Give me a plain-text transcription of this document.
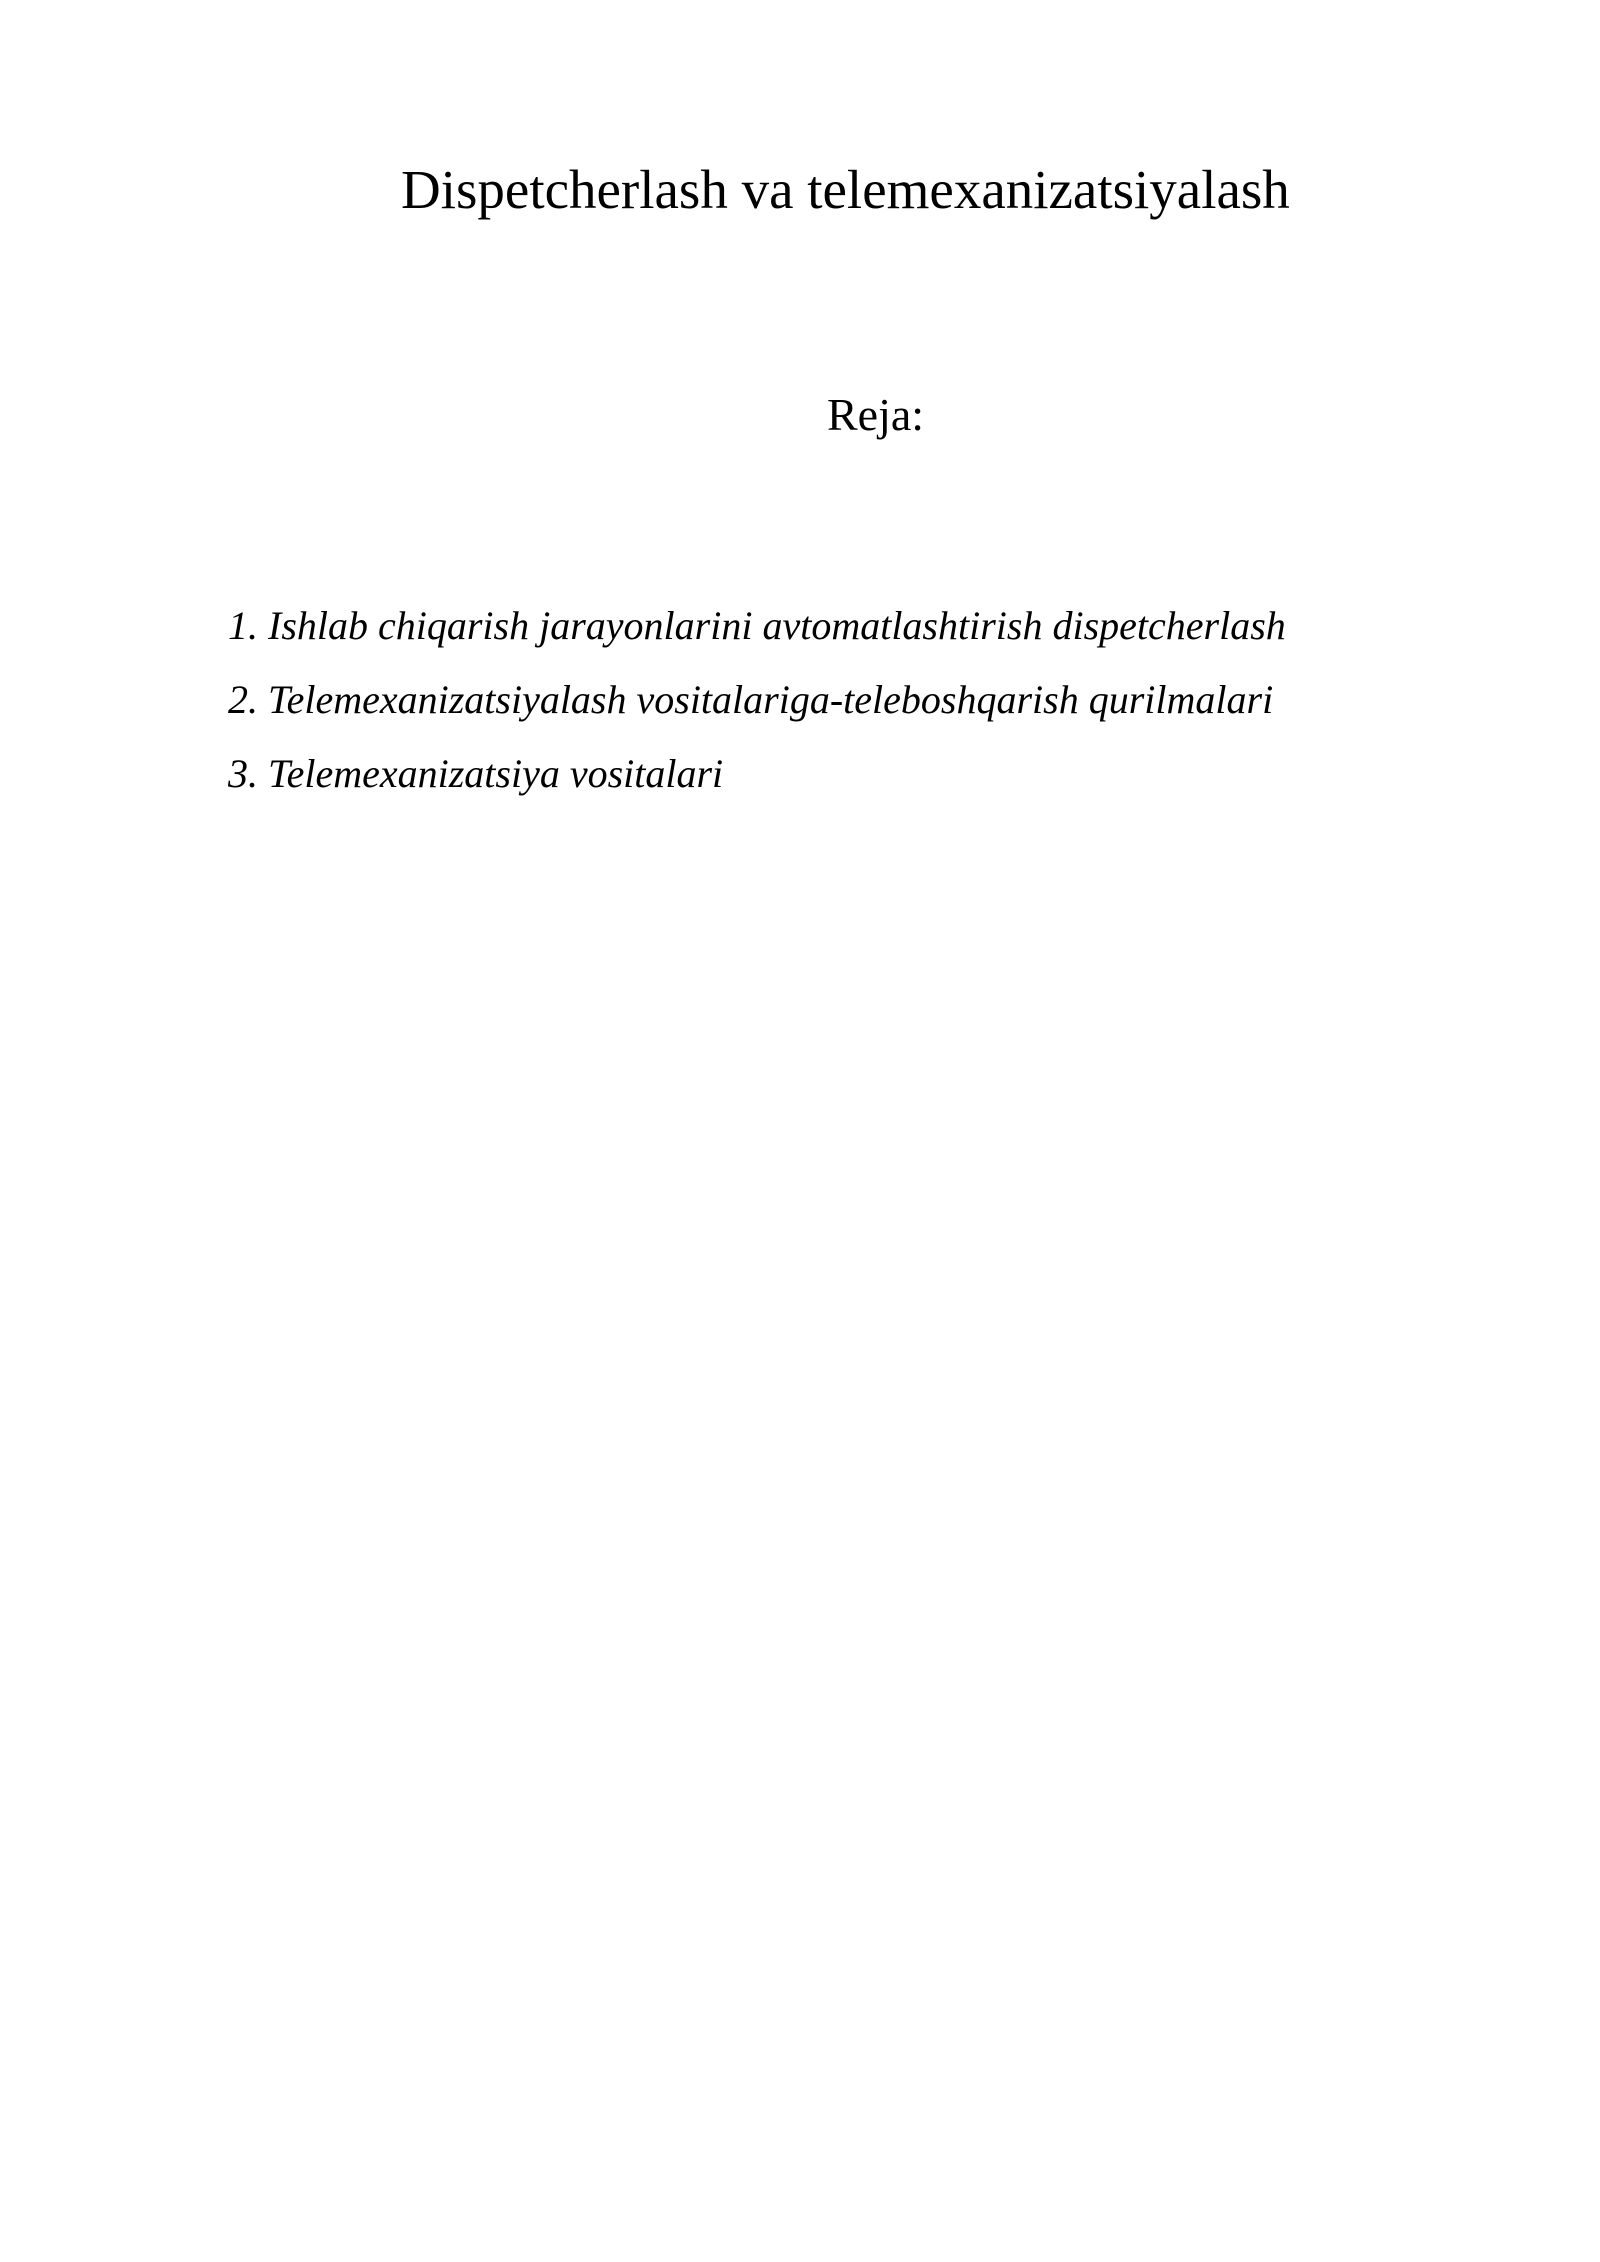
Dispetcherlash va telemexanizatsiyalash
Reja:
1. Ishlab chiqarish jarayonlarini avtomatlashtirish dispetcherlash
2. Telemexanizatsiyalash vositalariga-teleboshqarish qurilmalari
3. Telemexanizatsiya vositalari
